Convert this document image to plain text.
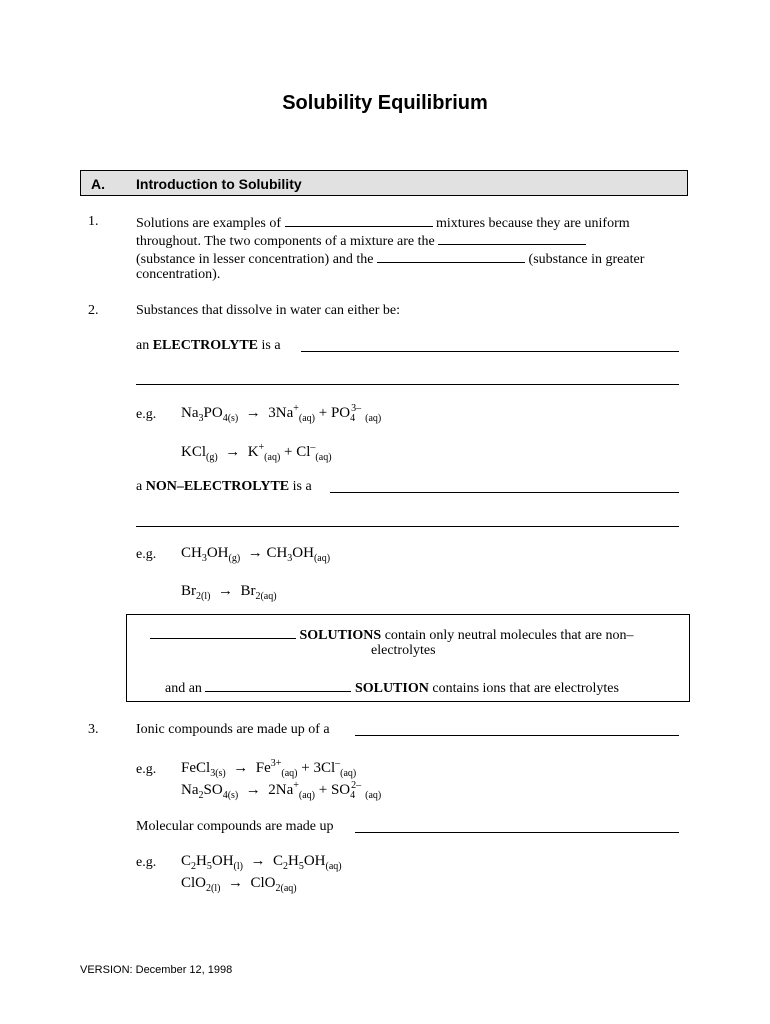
Solubility Equilibrium
A. Introduction to Solubility
1.	Solutions are examples of	mixtures because they are uniform
throughout. The two components of a mixture are the
(substance in lesser concentration) and the	(substance in greater
concentration).
2.	Substances that dissolve in water can either be:
an ELECTROLYTE is a
e.g. $Na_3PO_{4(s)} \to 3Na^+_{(aq)} + PO_4^{3-}_{(aq)}$
$KCl_{(g)} \to K^+_{(aq)} + Cl^-_{(aq)}$
a NON–ELECTROLYTE is a
e.g. $CH_3OH_{(g)} \to CH_3OH_{(aq)}$
$Br_{2(l)} \to Br_{2(aq)}$
SOLUTIONS contain only neutral molecules that are non–
electrolytes
and an	SOLUTION contains ions that are electrolytes
3.	Ionic compounds are made up of a
e.g. FeCl$_{3(s)}$  →  $Fe^{3+}_{(aq)} + 3Cl^-_{(aq)}$
$Na_2SO_{4(s)} \to 2Na^+_{(aq)} + SO_4^{2-}_{(aq)}$
Molecular compounds are made up
e.g. $C_2H_5OH_{(l)} \to C_2H_5OH_{(aq)}$
ClO$_{2(l)}$  →  ClO$_{2(aq)}$
VERSION: December 12, 1998
